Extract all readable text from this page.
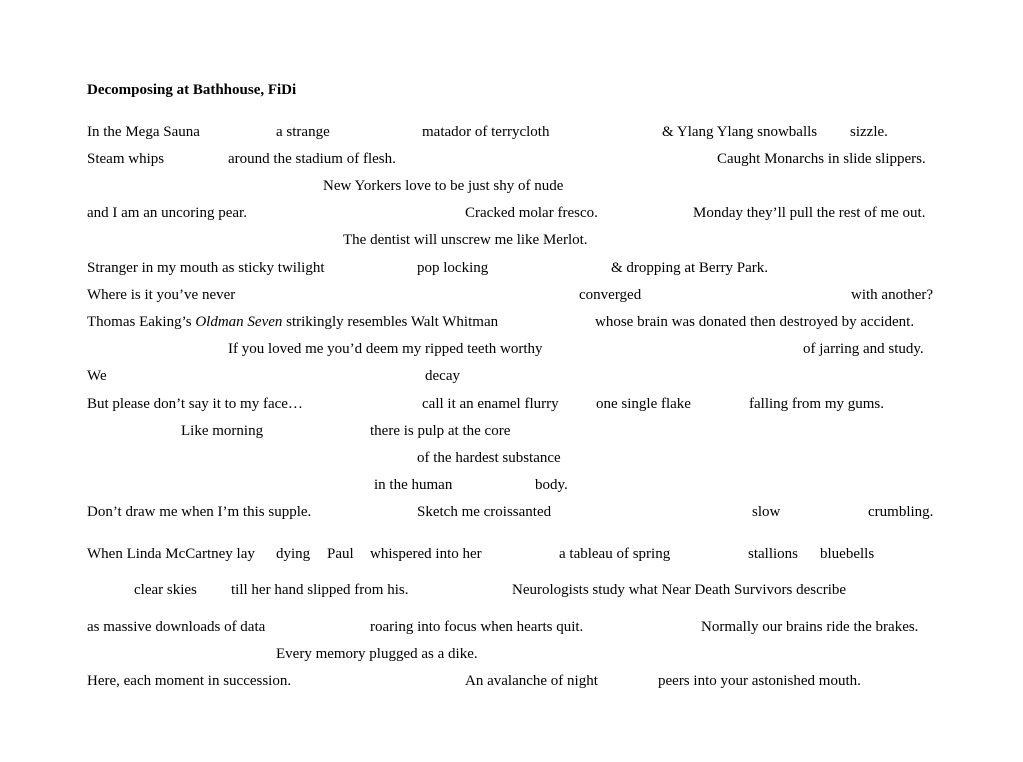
Decomposing at Bathhouse, FiDi
In the Mega Sauna	a strange	matador of terrycloth	& Ylang Ylang snowballs sizzle.
Steam whips	around the stadium of flesh.	Caught Monarchs in slide slippers.
New Yorkers love to be just shy of nude
and I am an uncoring pear.	Cracked molar fresco.	Monday they’ll pull the rest of me out.
The dentist will unscrew me like Merlot.
Stranger in my mouth as sticky twilight	pop locking	& dropping at Berry Park.
Where is it you’ve never	converged	with another?
Thomas Eaking’s Oldman Seven strikingly resembles Walt Whitman	whose brain was donated then destroyed by accident.
If you loved me you’d deem my ripped teeth worthy	of jarring and study.
We	decay
But please don’t say it to my face…	call it an enamel flurry one single flake	falling from my gums.
Like morning	there is pulp at the core
of the hardest substance
in the human	body.
Don’t draw me when I’m this supple.	Sketch me croissanted	slow	crumbling.
When Linda McCartney lay dying Paul whispered into her	a tableau of spring	stallions bluebells
clear skies till her hand slipped from his.	Neurologists study what Near Death Survivors describe
as massive downloads of data	roaring into focus when hearts quit.	Normally our brains ride the brakes.
Every memory plugged as a dike.
Here, each moment in succession.	An avalanche of night	peers into your astonished mouth.
